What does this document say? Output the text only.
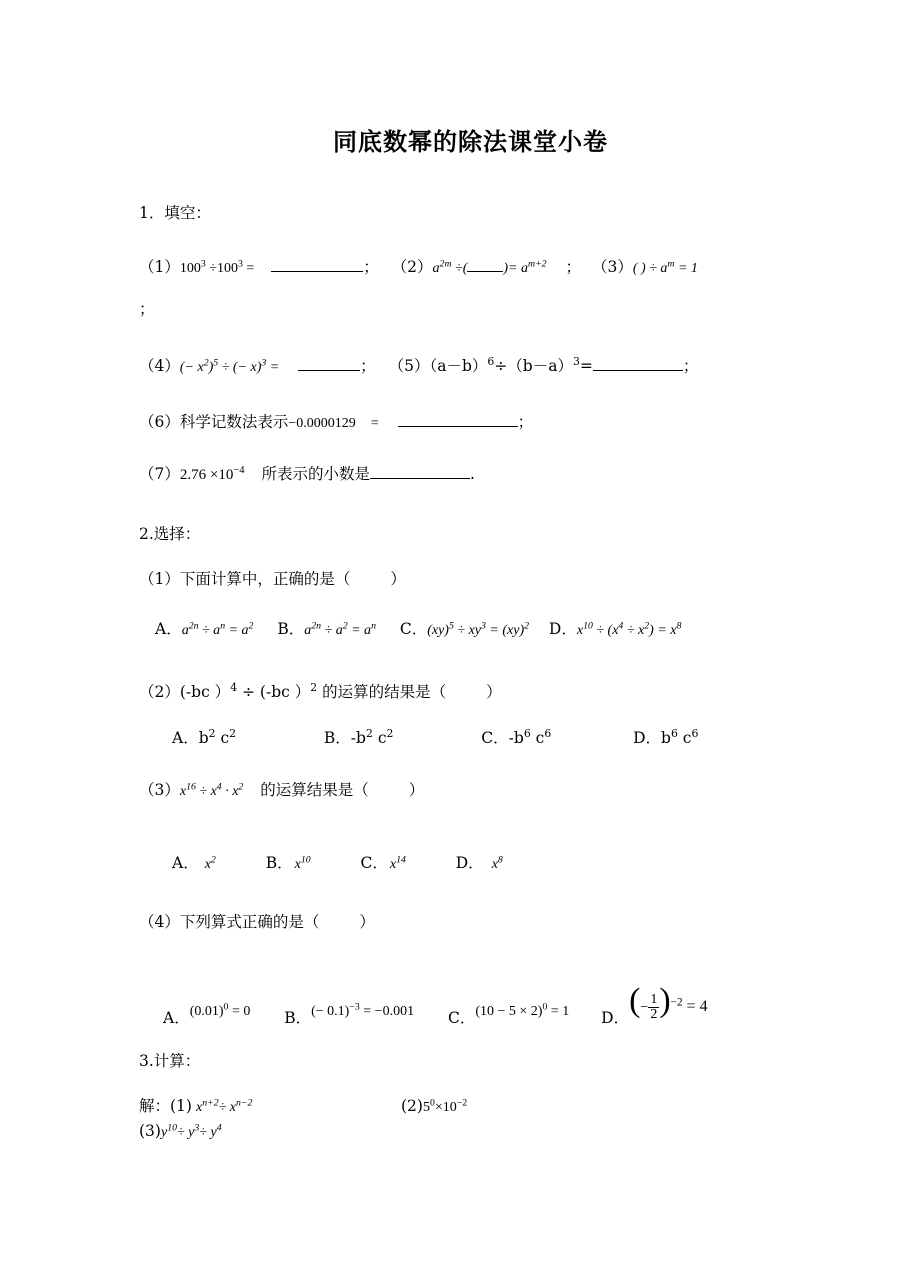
同底数幂的除法课堂小卷
1．填空：
$(1)100^3 \div 100^3$ =	； $(2)a^{2m}$ ÷(	)= $a^{m+2}$ ； （3）( ) ÷ $a^m = 1$
；
$(4)(- x^2)^5$ ÷ (− x)$^3$ =	； $(5)(a-b)^6\div(b-a)^3=$	；
（6）科学记数法表示−0.0000129 =	；
$(7)2.76 \times 10^{-4}$ 所表示的小数是	.
2.选择：
（1）下面计算中，正确的是（	）
A．$a^{2n} \div a^n = a^2$ B．$a^{2n} \div a^2 = a^n$ C．$(xy)^5 \div xy^3 = (xy)^2$ D．$x^{10} \div (x^4 \div x^2) = x^8$
（2）(-bc ）$^4$ ÷ (-bc ）$^2$ 的运算的结果是（	）
A．$b^2$ $c^2$	B．$-b^2$ $c^2$	C．$-b^6$ $c^6$	D．$b^6$ $c^6$
$(3)x^{16} \div x^4 \cdot x^2$ 的运算结果是（	）
A． $x^2$	B． $x^{10}$	C． $x^{14}$	D． $x^8$
（4）下列算式正确的是（	）
A．$(0.01)^0 = 0$ B．(− 0.1)$^{-3}$ = −0.001 C．$(10 - 5 \times 2)^0 = 1$ D．(− $\frac{1}{2} )^{-2} = 4$
3.计算：
解：(1) $x^{n+2}\div x^{n-2}$	$(2)5^0\times 10^{-2}$
$(3)y^{10}\div y^3\div y^4$
